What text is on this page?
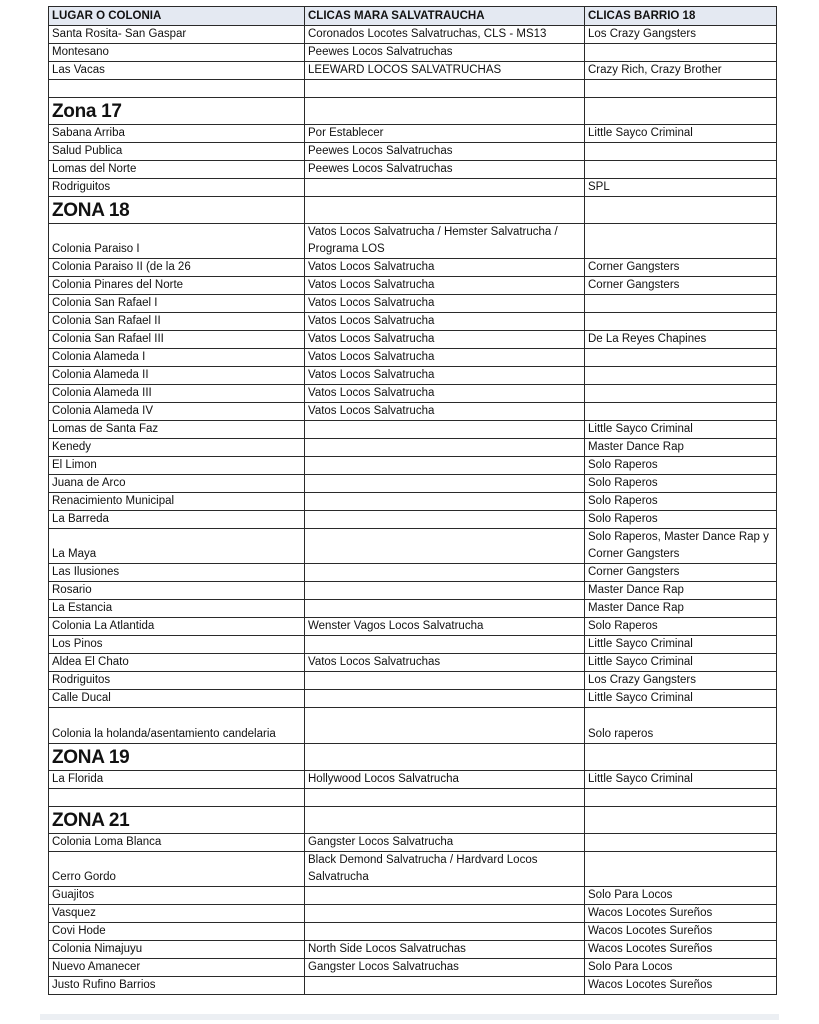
LUGAR O COLONIA	CLICAS MARA SALVATRAUCHA	CLICAS BARRIO 18
Santa Rosita- San Gaspar	Coronados Locotes Salvatruchas, CLS - MS13	Los Crazy Gangsters
Montesano	Peewes Locos Salvatruchas	
Las Vacas	LEEWARD LOCOS SALVATRUCHAS	Crazy Rich, Crazy Brother

Zona 17		
Sabana Arriba	Por Establecer	Little Sayco Criminal
Salud Publica	Peewes Locos Salvatruchas	
Lomas del Norte	Peewes Locos Salvatruchas	
Rodriguitos		SPL
ZONA 18		
Colonia Paraiso I	Vatos Locos Salvatrucha / Hemster Salvatrucha / Programa LOS	
Colonia Paraiso II (de la 26	Vatos Locos Salvatrucha	Corner Gangsters
Colonia Pinares del Norte	Vatos Locos Salvatrucha	Corner Gangsters
Colonia San Rafael I	Vatos Locos Salvatrucha	
Colonia San Rafael II	Vatos Locos Salvatrucha	
Colonia San Rafael III	Vatos Locos Salvatrucha	De La Reyes Chapines
Colonia Alameda I	Vatos Locos Salvatrucha	
Colonia Alameda II	Vatos Locos Salvatrucha	
Colonia Alameda III	Vatos Locos Salvatrucha	
Colonia Alameda IV	Vatos Locos Salvatrucha	
Lomas de Santa Faz		Little Sayco Criminal
Kenedy		Master Dance Rap
El Limon		Solo Raperos
Juana de Arco		Solo Raperos
Renacimiento Municipal		Solo Raperos
La Barreda		Solo Raperos
La Maya		Solo Raperos, Master Dance Rap y Corner Gangsters
Las Ilusiones		Corner Gangsters
Rosario		Master Dance Rap
La Estancia		Master Dance Rap
Colonia La Atlantida	Wenster Vagos Locos Salvatrucha	Solo Raperos
Los Pinos		Little Sayco Criminal
Aldea El Chato	Vatos Locos Salvatruchas	Little Sayco Criminal
Rodriguitos		Los Crazy Gangsters
Calle Ducal		Little Sayco Criminal
Colonia la holanda/asentamiento candelaria		Solo raperos
ZONA 19		
La Florida	Hollywood Locos Salvatrucha	Little Sayco Criminal

ZONA 21		
Colonia Loma Blanca	Gangster Locos Salvatrucha	
Cerro Gordo	Black Demond Salvatrucha / Hardvard Locos Salvatrucha	
Guajitos		Solo Para Locos
Vasquez		Wacos Locotes Sureños
Covi Hode		Wacos Locotes Sureños
Colonia Nimajuyu	North Side Locos Salvatruchas	Wacos Locotes Sureños
Nuevo Amanecer	Gangster Locos Salvatruchas	Solo Para Locos
Justo Rufino Barrios		Wacos Locotes Sureños
